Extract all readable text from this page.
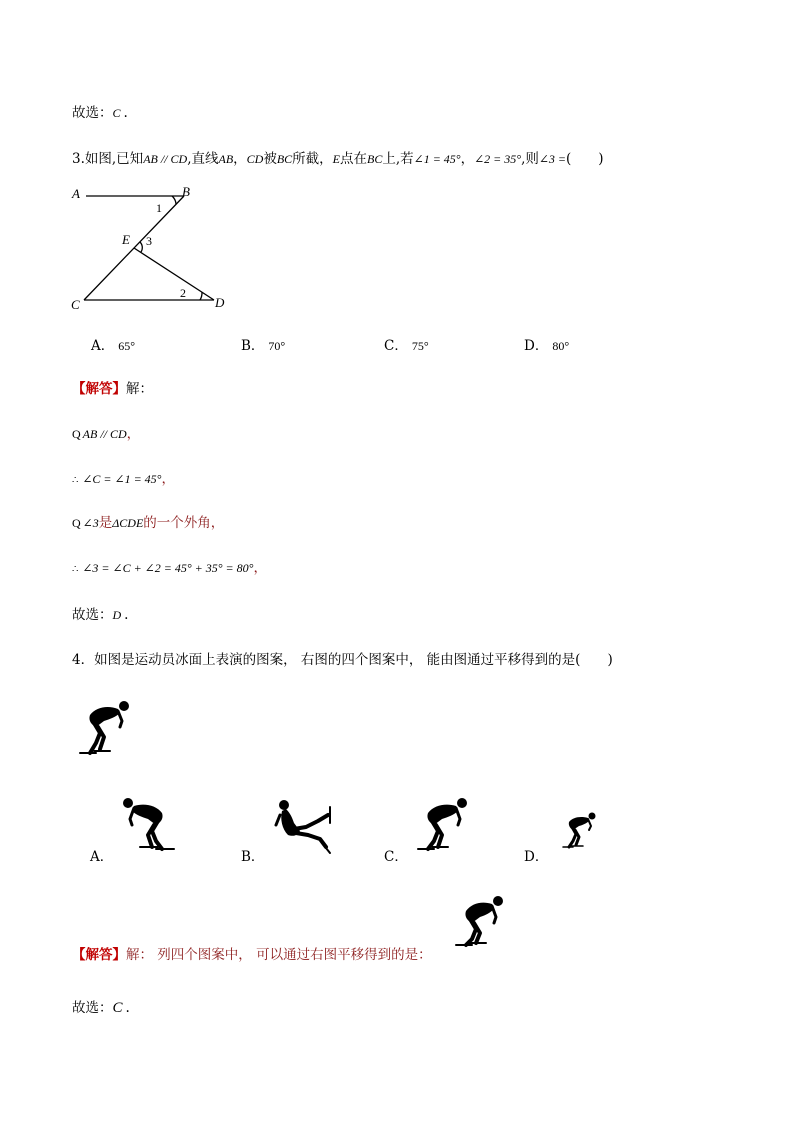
故选：C .
3.如图,已知AB // CD,直线AB，CD被BC所截，E点在BC上,若∠1 = 45°，∠2 = 35°,则∠3 =(　　)
A	B
E
C	D
1
3
2
A． 65°	B． 70°	C． 75°	D． 80°
【解答】解：
Q AB // CD，
∴ ∠C = ∠1 = 45°，
Q ∠3是ΔCDE的一个外角，
∴ ∠3 = ∠C + ∠2 = 45° + 35° = 80°，
故选：D .
4．如图是运动员冰面上表演的图案， 右图的四个图案中， 能由图通过平移得到的是(　　)
A．	B．	C．	D．
【解答】解： 列四个图案中， 可以通过右图平移得到的是：
故选：C .
